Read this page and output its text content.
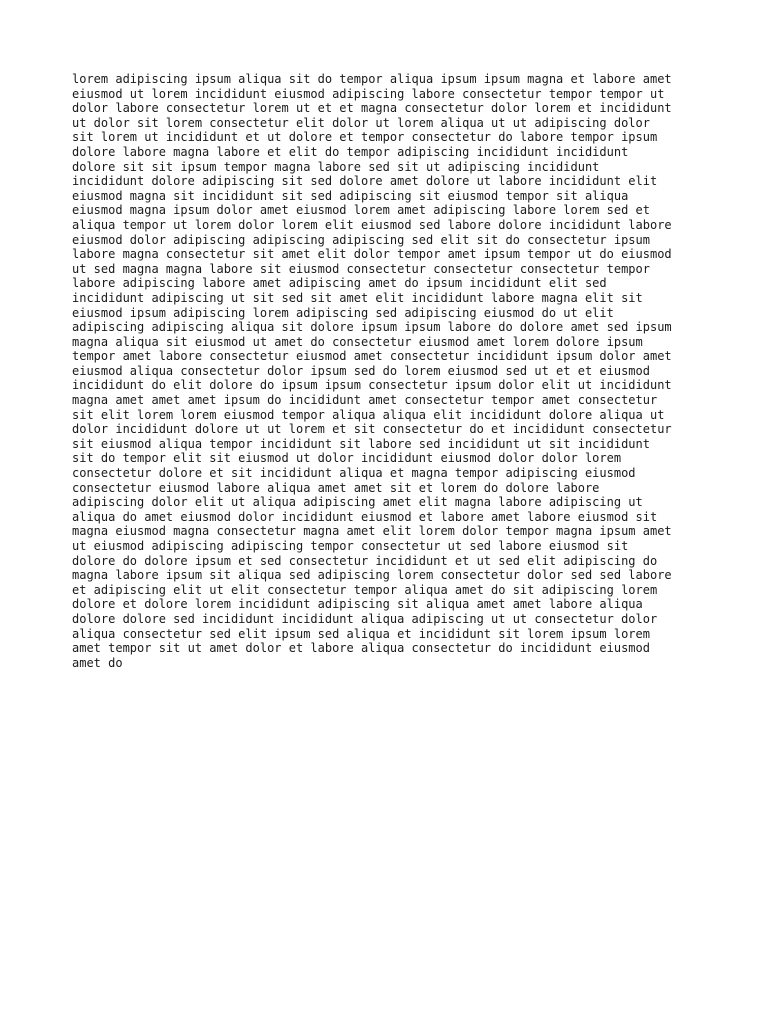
lorem adipiscing ipsum aliqua sit do tempor aliqua ipsum ipsum magna et labore amet
eiusmod ut lorem incididunt eiusmod adipiscing labore consectetur tempor tempor ut
dolor labore consectetur lorem ut et et magna consectetur dolor lorem et incididunt
ut dolor sit lorem consectetur elit dolor ut lorem aliqua ut ut adipiscing dolor
sit lorem ut incididunt et ut dolore et tempor consectetur do labore tempor ipsum
dolore labore magna labore et elit do tempor adipiscing incididunt incididunt
dolore sit sit ipsum tempor magna labore sed sit ut adipiscing incididunt
incididunt dolore adipiscing sit sed dolore amet dolore ut labore incididunt elit
eiusmod magna sit incididunt sit sed adipiscing sit eiusmod tempor sit aliqua
eiusmod magna ipsum dolor amet eiusmod lorem amet adipiscing labore lorem sed et
aliqua tempor ut lorem dolor lorem elit eiusmod sed labore dolore incididunt labore
eiusmod dolor adipiscing adipiscing adipiscing sed elit sit do consectetur ipsum
labore magna consectetur sit amet elit dolor tempor amet ipsum tempor ut do eiusmod
ut sed magna magna labore sit eiusmod consectetur consectetur consectetur tempor
labore adipiscing labore amet adipiscing amet do ipsum incididunt elit sed
incididunt adipiscing ut sit sed sit amet elit incididunt labore magna elit sit
eiusmod ipsum adipiscing lorem adipiscing sed adipiscing eiusmod do ut elit
adipiscing adipiscing aliqua sit dolore ipsum ipsum labore do dolore amet sed ipsum
magna aliqua sit eiusmod ut amet do consectetur eiusmod amet lorem dolore ipsum
tempor amet labore consectetur eiusmod amet consectetur incididunt ipsum dolor amet
eiusmod aliqua consectetur dolor ipsum sed do lorem eiusmod sed ut et et eiusmod
incididunt do elit dolore do ipsum ipsum consectetur ipsum dolor elit ut incididunt
magna amet amet amet ipsum do incididunt amet consectetur tempor amet consectetur
sit elit lorem lorem eiusmod tempor aliqua aliqua elit incididunt dolore aliqua ut
dolor incididunt dolore ut ut lorem et sit consectetur do et incididunt consectetur
sit eiusmod aliqua tempor incididunt sit labore sed incididunt ut sit incididunt
sit do tempor elit sit eiusmod ut dolor incididunt eiusmod dolor dolor lorem
consectetur dolore et sit incididunt aliqua et magna tempor adipiscing eiusmod
consectetur eiusmod labore aliqua amet amet sit et lorem do dolore labore
adipiscing dolor elit ut aliqua adipiscing amet elit magna labore adipiscing ut
aliqua do amet eiusmod dolor incididunt eiusmod et labore amet labore eiusmod sit
magna eiusmod magna consectetur magna amet elit lorem dolor tempor magna ipsum amet
ut eiusmod adipiscing adipiscing tempor consectetur ut sed labore eiusmod sit
dolore do dolore ipsum et sed consectetur incididunt et ut sed elit adipiscing do
magna labore ipsum sit aliqua sed adipiscing lorem consectetur dolor sed sed labore
et adipiscing elit ut elit consectetur tempor aliqua amet do sit adipiscing lorem
dolore et dolore lorem incididunt adipiscing sit aliqua amet amet labore aliqua
dolore dolore sed incididunt incididunt aliqua adipiscing ut ut consectetur dolor
aliqua consectetur sed elit ipsum sed aliqua et incididunt sit lorem ipsum lorem
amet tempor sit ut amet dolor et labore aliqua consectetur do incididunt eiusmod
amet do
